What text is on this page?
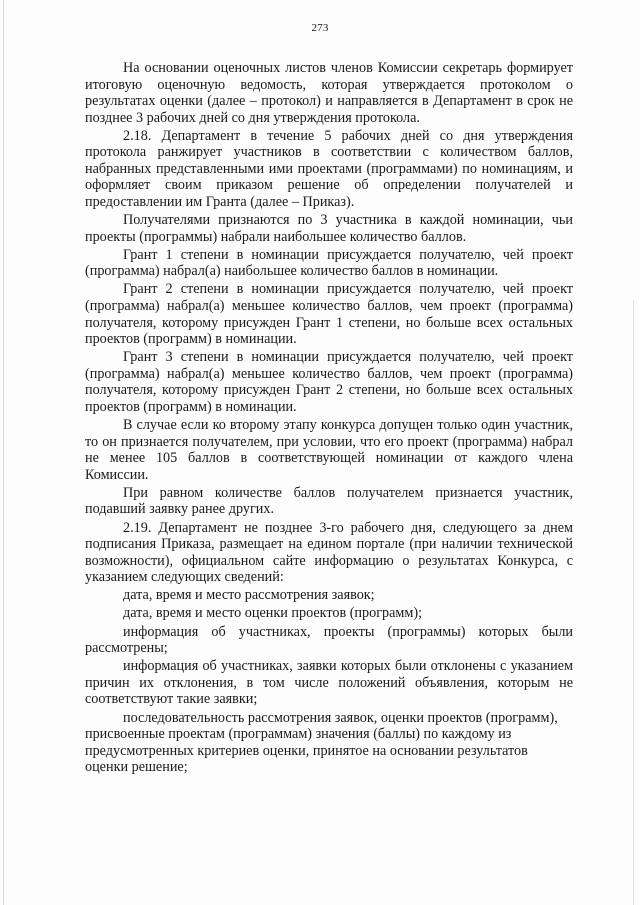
273

На основании оценочных листов членов Комиссии секретарь формирует итоговую оценочную ведомость, которая утверждается протоколом о результатах оценки (далее – протокол) и направляется в Департамент в срок не позднее 3 рабочих дней со дня утверждения протокола.

2.18. Департамент в течение 5 рабочих дней со дня утверждения протокола ранжирует участников в соответствии с количеством баллов, набранных представленными ими проектами (программами) по номинациям, и оформляет своим приказом решение об определении получателей и предоставлении им Гранта (далее – Приказ).

Получателями признаются по 3 участника в каждой номинации, чьи проекты (программы) набрали наибольшее количество баллов.

Грант 1 степени в номинации присуждается получателю, чей проект (программа) набрал(а) наибольшее количество баллов в номинации.

Грант 2 степени в номинации присуждается получателю, чей проект (программа) набрал(а) меньшее количество баллов, чем проект (программа) получателя, которому присужден Грант 1 степени, но больше всех остальных проектов (программ) в номинации.

Грант 3 степени в номинации присуждается получателю, чей проект (программа) набрал(а) меньшее количество баллов, чем проект (программа) получателя, которому присужден Грант 2 степени, но больше всех остальных проектов (программ) в номинации.

В случае если ко второму этапу конкурса допущен только один участник, то он признается получателем, при условии, что его проект (программа) набрал не менее 105 баллов в соответствующей номинации от каждого члена Комиссии.

При равном количестве баллов получателем признается участник, подавший заявку ранее других.

2.19. Департамент не позднее 3-го рабочего дня, следующего за днем подписания Приказа, размещает на едином портале (при наличии технической возможности), официальном сайте информацию о результатах Конкурса, с указанием следующих сведений:

дата, время и место рассмотрения заявок;

дата, время и место оценки проектов (программ);

информация об участниках, проекты (программы) которых были рассмотрены;

информация об участниках, заявки которых были отклонены с указанием причин их отклонения, в том числе положений объявления, которым не соответствуют такие заявки;

последовательность рассмотрения заявок, оценки проектов (программ), присвоенные проектам (программам) значения (баллы) по каждому из предусмотренных критериев оценки, принятое на основании результатов оценки решение;
